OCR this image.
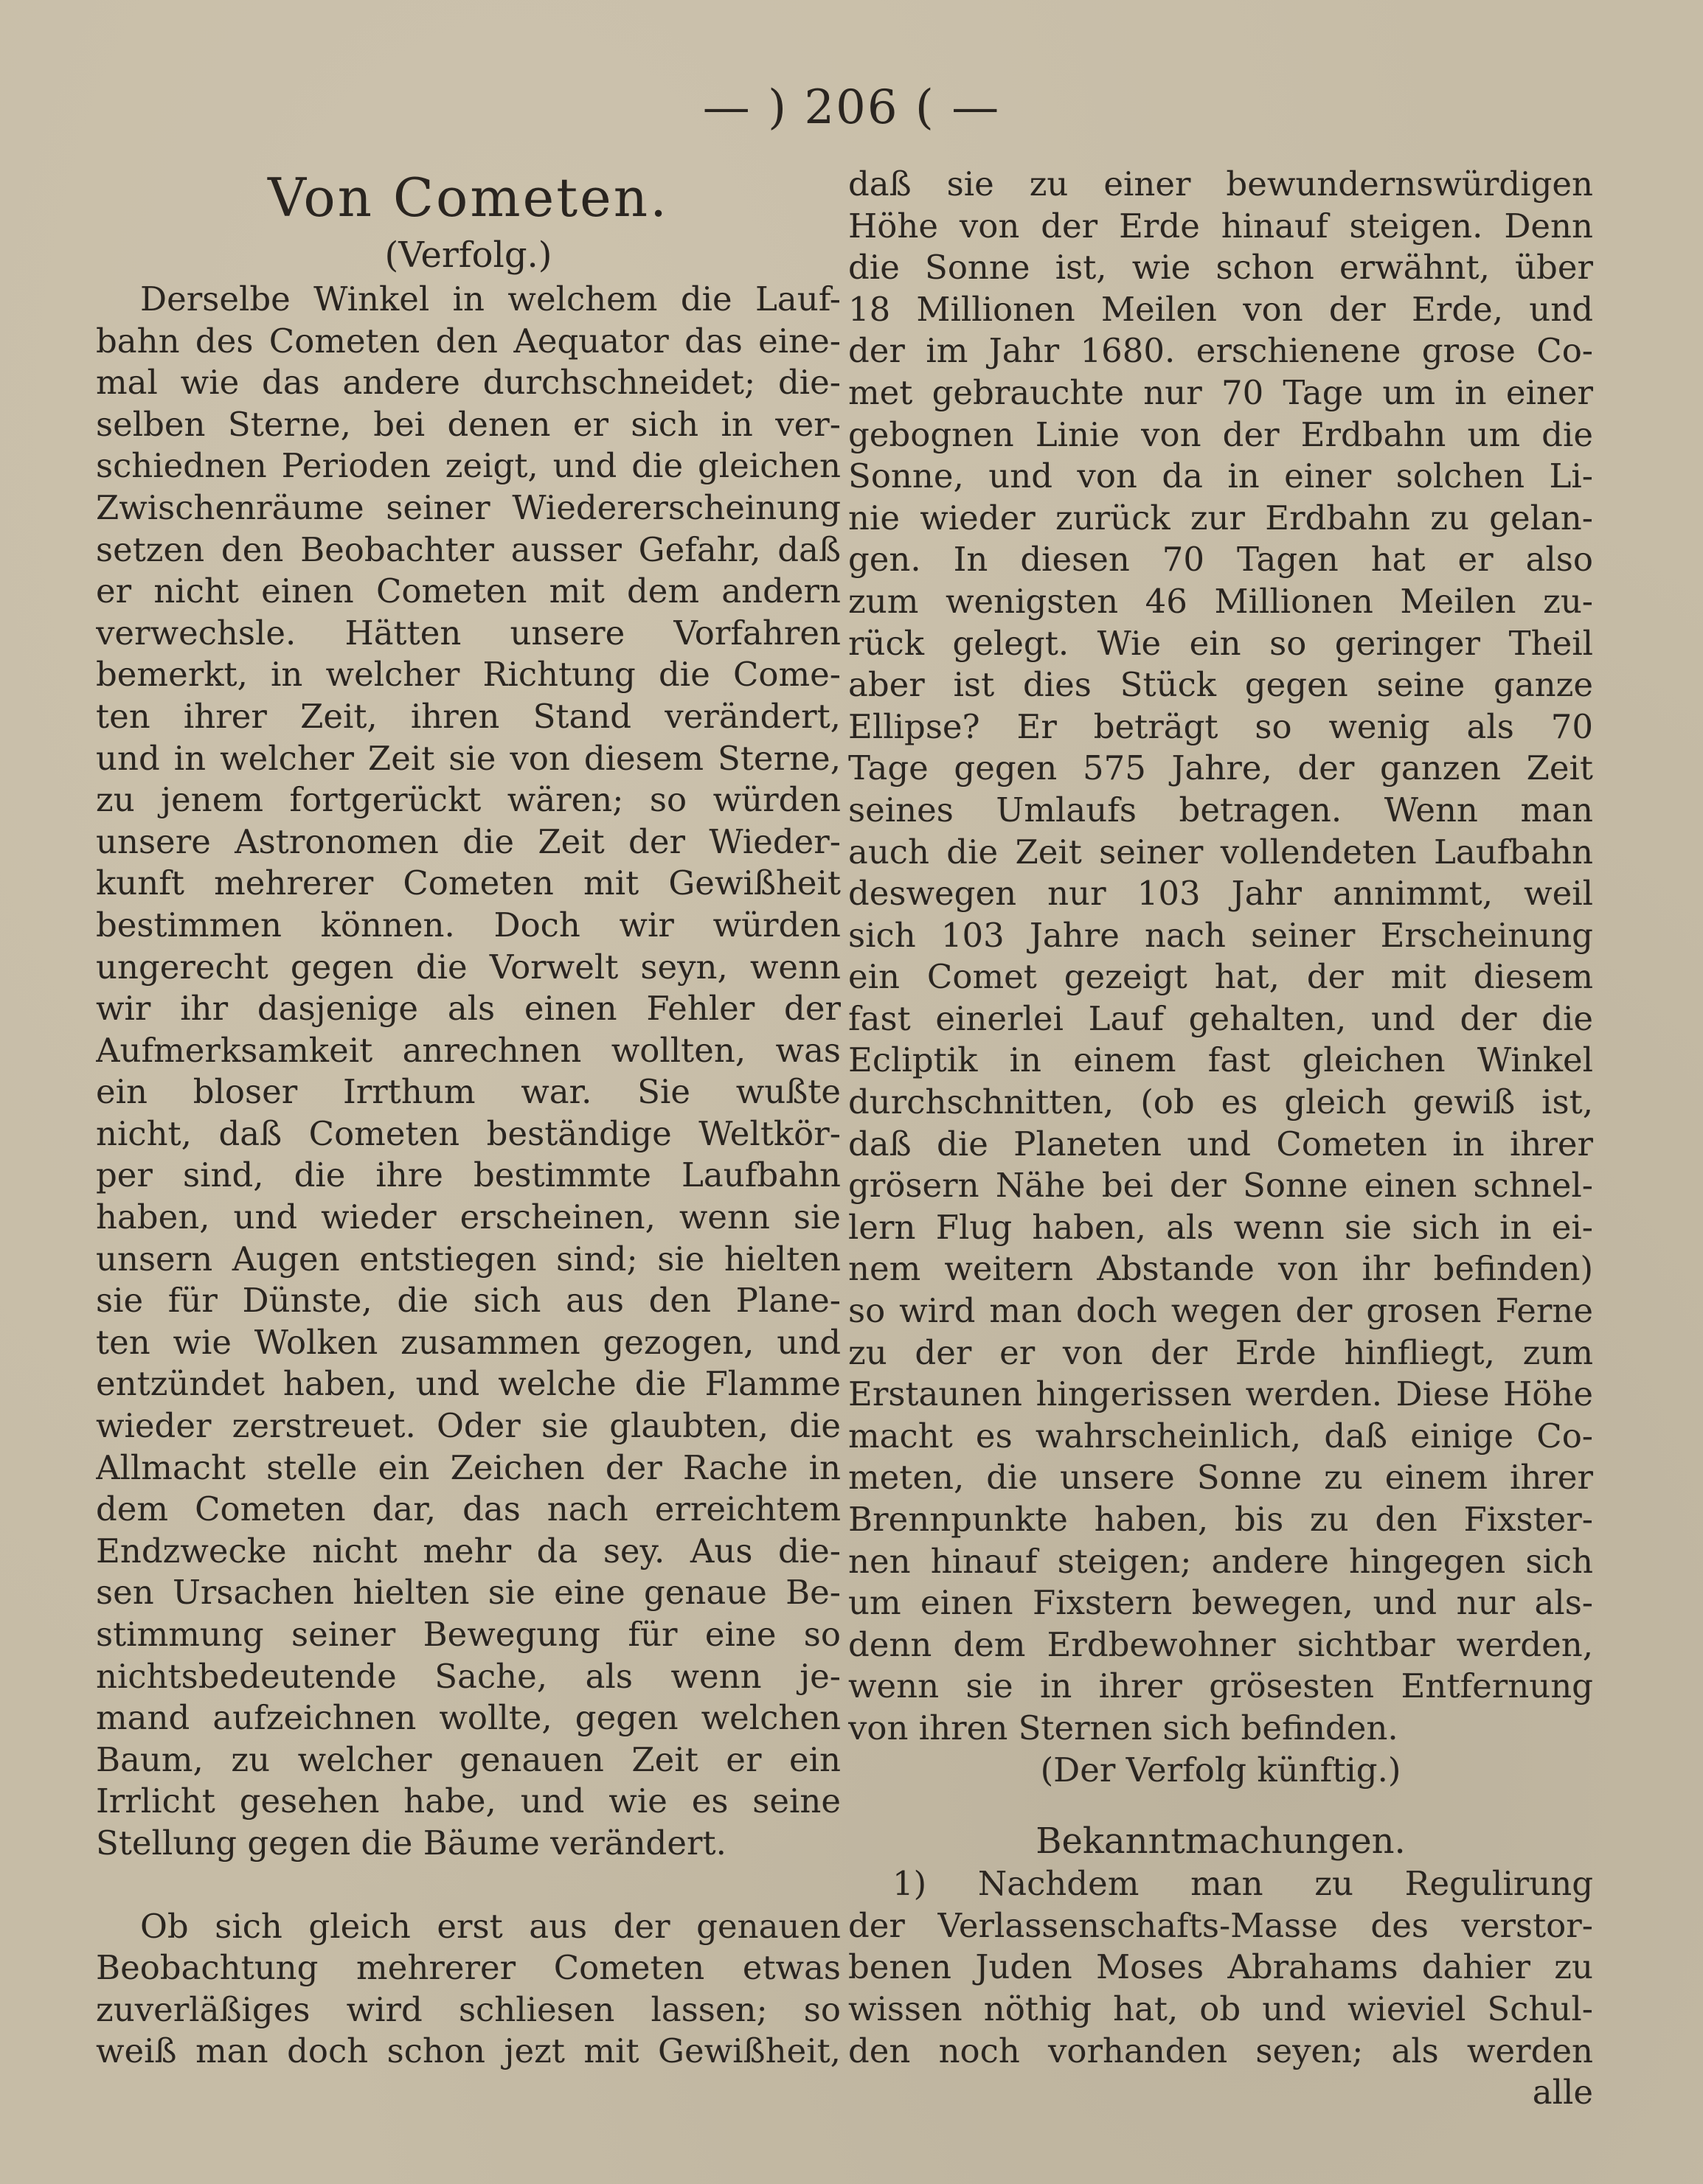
— ) 206 ( —
Von Cometen.
(Verfolg.)
Derselbe Winkel in welchem die Lauf-
bahn des Cometen den Aequator das eine-
mal wie das andere durchschneidet; die-
selben Sterne, bei denen er sich in ver-
schiednen Perioden zeigt, und die gleichen
Zwischenräume seiner Wiedererscheinung
setzen den Beobachter ausser Gefahr, daß
er nicht einen Cometen mit dem andern
verwechsle. Hätten unsere Vorfahren
bemerkt, in welcher Richtung die Come-
ten ihrer Zeit, ihren Stand verändert,
und in welcher Zeit sie von diesem Sterne,
zu jenem fortgerückt wären; so würden
unsere Astronomen die Zeit der Wieder-
kunft mehrerer Cometen mit Gewißheit
bestimmen können. Doch wir würden
ungerecht gegen die Vorwelt seyn, wenn
wir ihr dasjenige als einen Fehler der
Aufmerksamkeit anrechnen wollten, was
ein bloser Irrthum war. Sie wußte
nicht, daß Cometen beständige Weltkör-
per sind, die ihre bestimmte Laufbahn
haben, und wieder erscheinen, wenn sie
unsern Augen entstiegen sind; sie hielten
sie für Dünste, die sich aus den Plane-
ten wie Wolken zusammen gezogen, und
entzündet haben, und welche die Flamme
wieder zerstreuet. Oder sie glaubten, die
Allmacht stelle ein Zeichen der Rache in
dem Cometen dar, das nach erreichtem
Endzwecke nicht mehr da sey. Aus die-
sen Ursachen hielten sie eine genaue Be-
stimmung seiner Bewegung für eine so
nichtsbedeutende Sache, als wenn je-
mand aufzeichnen wollte, gegen welchen
Baum, zu welcher genauen Zeit er ein
Irrlicht gesehen habe, und wie es seine
Stellung gegen die Bäume verändert.
Ob sich gleich erst aus der genauen
Beobachtung mehrerer Cometen etwas
zuverläßiges wird schliesen lassen; so
weiß man doch schon jezt mit Gewißheit,
daß sie zu einer bewundernswürdigen
Höhe von der Erde hinauf steigen. Denn
die Sonne ist, wie schon erwähnt, über
18 Millionen Meilen von der Erde, und
der im Jahr 1680. erschienene grose Co-
met gebrauchte nur 70 Tage um in einer
gebognen Linie von der Erdbahn um die
Sonne, und von da in einer solchen Li-
nie wieder zurück zur Erdbahn zu gelan-
gen. In diesen 70 Tagen hat er also
zum wenigsten 46 Millionen Meilen zu-
rück gelegt. Wie ein so geringer Theil
aber ist dies Stück gegen seine ganze
Ellipse? Er beträgt so wenig als 70
Tage gegen 575 Jahre, der ganzen Zeit
seines Umlaufs betragen. Wenn man
auch die Zeit seiner vollendeten Laufbahn
deswegen nur 103 Jahr annimmt, weil
sich 103 Jahre nach seiner Erscheinung
ein Comet gezeigt hat, der mit diesem
fast einerlei Lauf gehalten, und der die
Ecliptik in einem fast gleichen Winkel
durchschnitten, (ob es gleich gewiß ist,
daß die Planeten und Cometen in ihrer
grösern Nähe bei der Sonne einen schnel-
lern Flug haben, als wenn sie sich in ei-
nem weitern Abstande von ihr befinden)
so wird man doch wegen der grosen Ferne
zu der er von der Erde hinfliegt, zum
Erstaunen hingerissen werden. Diese Höhe
macht es wahrscheinlich, daß einige Co-
meten, die unsere Sonne zu einem ihrer
Brennpunkte haben, bis zu den Fixster-
nen hinauf steigen; andere hingegen sich
um einen Fixstern bewegen, und nur als-
denn dem Erdbewohner sichtbar werden,
wenn sie in ihrer grösesten Entfernung
von ihren Sternen sich befinden.
(Der Verfolg künftig.)
Bekanntmachungen.
1) Nachdem man zu Regulirung
der Verlassenschafts-Masse des verstor-
benen Juden Moses Abrahams dahier zu
wissen nöthig hat, ob und wieviel Schul-
den noch vorhanden seyen; als werden
alle
